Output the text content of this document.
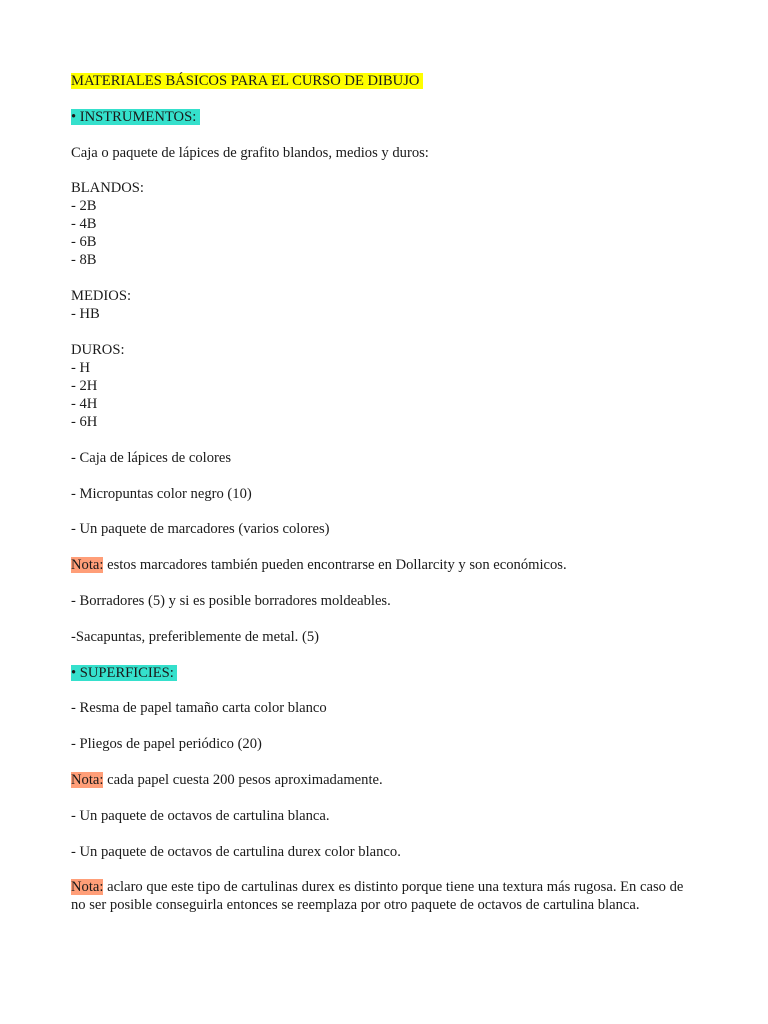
MATERIALES BÁSICOS PARA EL CURSO DE DIBUJO
• INSTRUMENTOS:
Caja o paquete de lápices de grafito blandos, medios y duros:
BLANDOS:
- 2B
- 4B
- 6B
- 8B
MEDIOS:
- HB
DUROS:
- H
- 2H
- 4H
- 6H
- Caja de lápices de colores
- Micropuntas color negro (10)
- Un paquete de marcadores (varios colores)
Nota: estos marcadores también pueden encontrarse en Dollarcity y son económicos.
- Borradores (5) y si es posible borradores moldeables.
-Sacapuntas, preferiblemente de metal. (5)
• SUPERFICIES:
- Resma de papel tamaño carta color blanco
- Pliegos de papel periódico (20)
Nota: cada papel cuesta 200 pesos aproximadamente.
- Un paquete de octavos de cartulina blanca.
- Un paquete de octavos de cartulina durex color blanco.
Nota: aclaro que este tipo de cartulinas durex es distinto porque tiene una textura más rugosa. En caso de no ser posible conseguirla entonces se reemplaza por otro paquete de octavos de cartulina blanca.
